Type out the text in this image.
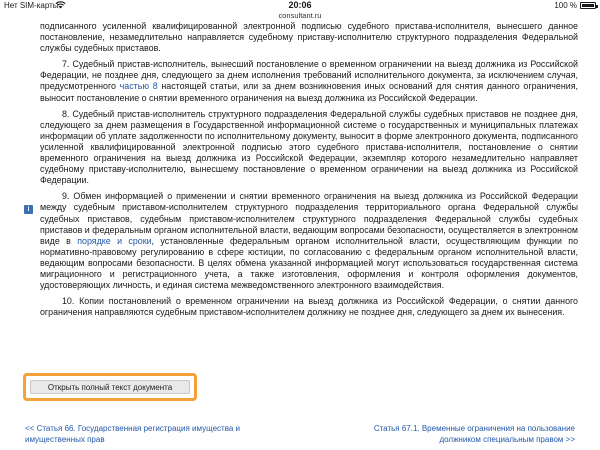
Нет SIM-карты	20:06	100 %
consultant.ru
i

подписанного усиленной квалифицированной электронной подписью судебного пристава-исполнителя, вынесшего данное постановление, незамедлительно направляется судебному приставу-исполнителю структурного подразделения Федеральной службы судебных приставов.

7. Судебный пристав-исполнитель, вынесший постановление о временном ограничении на выезд должника из Российской Федерации, не позднее дня, следующего за днем исполнения требований исполнительного документа, за исключением случая, предусмотренного частью 8 настоящей статьи, или за днем возникновения иных оснований для снятия данного ограничения, выносит постановление о снятии временного ограничения на выезд должника из Российской Федерации.

8. Судебный пристав-исполнитель структурного подразделения Федеральной службы судебных приставов не позднее дня, следующего за днем размещения в Государственной информационной системе о государственных и муниципальных платежах информации об уплате задолженности по исполнительному документу, выносит в форме электронного документа, подписанного усиленной квалифицированной электронной подписью этого судебного пристава-исполнителя, постановление о снятии временного ограничения на выезд должника из Российской Федерации, экземпляр которого незамедлительно направляет судебному приставу-исполнителю, вынесшему постановление о временном ограничении на выезд должника из Российской Федерации.

9. Обмен информацией о применении и снятии временного ограничения на выезд должника из Российской Федерации между судебным приставом-исполнителем структурного подразделения территориального органа Федеральной службы судебных приставов, судебным приставом-исполнителем структурного подразделения Федеральной службы судебных приставов и федеральным органом исполнительной власти, ведающим вопросами безопасности, осуществляется в электронном виде в порядке и сроки, установленные федеральным органом исполнительной власти, осуществляющим функции по нормативно-правовому регулированию в сфере юстиции, по согласованию с федеральным органом исполнительной власти, ведающим вопросами безопасности. В целях обмена указанной информацией могут использоваться государственная система миграционного и регистрационного учета, а также изготовления, оформления и контроля оформления документов, удостоверяющих личность, и единая система межведомственного электронного взаимодействия.

10. Копии постановлений о временном ограничении на выезд должника из Российской Федерации, о снятии данного ограничения направляются судебным приставом-исполнителем должнику не позднее дня, следующего за днем их вынесения.

Открыть полный текст документа
<< Статья 66. Государственная регистрация имущества и имущественных прав
Статья 67.1. Временные ограничения на пользование должником специальным правом >>
